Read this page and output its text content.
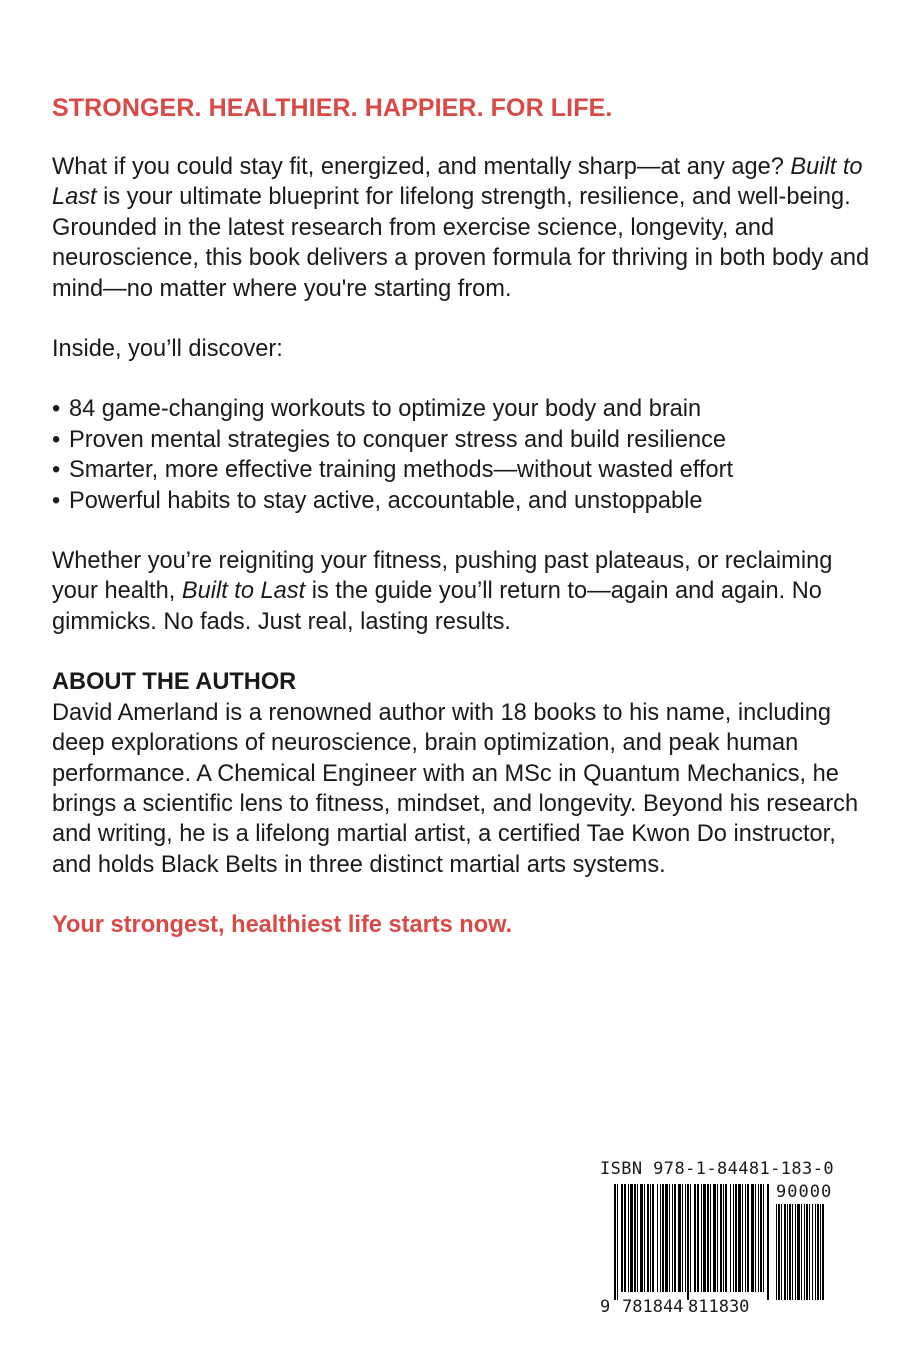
STRONGER. HEALTHIER. HAPPIER. FOR LIFE.

What if you could stay fit, energized, and mentally sharp—at any age? Built to Last is your ultimate blueprint for lifelong strength, resilience, and well-being. Grounded in the latest research from exercise science, longevity, and neuroscience, this book delivers a proven formula for thriving in both body and mind—no matter where you're starting from.

Inside, you’ll discover:

• 84 game-changing workouts to optimize your body and brain
• Proven mental strategies to conquer stress and build resilience
• Smarter, more effective training methods—without wasted effort
• Powerful habits to stay active, accountable, and unstoppable

Whether you’re reigniting your fitness, pushing past plateaus, or reclaiming your health, Built to Last is the guide you’ll return to—again and again. No gimmicks. No fads. Just real, lasting results.

ABOUT THE AUTHOR

David Amerland is a renowned author with 18 books to his name, including deep explorations of neuroscience, brain optimization, and peak human performance. A Chemical Engineer with an MSc in Quantum Mechanics, he brings a scientific lens to fitness, mindset, and longevity. Beyond his research and writing, he is a lifelong martial artist, a certified Tae Kwon Do instructor, and holds Black Belts in three distinct martial arts systems.

Your strongest, healthiest life starts now.

ISBN 978-1-84481-183-0
90000
9 781844 811830
